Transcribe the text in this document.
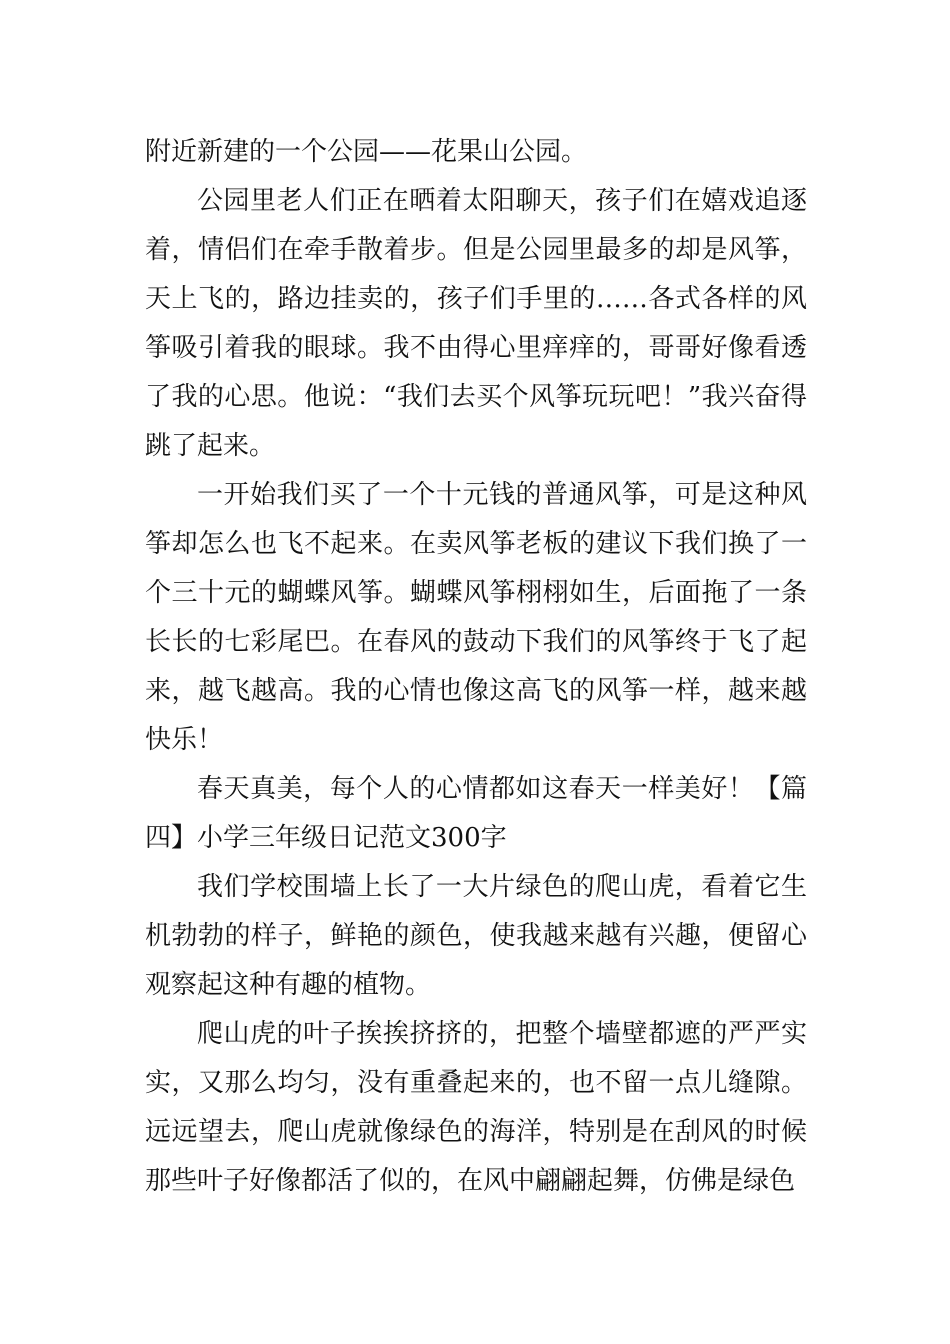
附近新建的一个公园——花果山公园。

公园里老人们正在晒着太阳聊天，孩子们在嬉戏追逐着，情侣们在牵手散着步。但是公园里最多的却是风筝，天上飞的，路边挂卖的，孩子们手里的……各式各样的风筝吸引着我的眼球。我不由得心里痒痒的，哥哥好像看透了我的心思。他说：“我们去买个风筝玩玩吧！”我兴奋得跳了起来。

一开始我们买了一个十元钱的普通风筝，可是这种风筝却怎么也飞不起来。在卖风筝老板的建议下我们换了一个三十元的蝴蝶风筝。蝴蝶风筝栩栩如生，后面拖了一条长长的七彩尾巴。在春风的鼓动下我们的风筝终于飞了起来，越飞越高。我的心情也像这高飞的风筝一样，越来越快乐！

春天真美，每个人的心情都如这春天一样美好！【篇四】小学三年级日记范文300字

我们学校围墙上长了一大片绿色的爬山虎，看着它生机勃勃的样子，鲜艳的颜色，使我越来越有兴趣，便留心观察起这种有趣的植物。

爬山虎的叶子挨挨挤挤的，把整个墙壁都遮的严严实实，又那么均匀，没有重叠起来的，也不留一点儿缝隙。远远望去，爬山虎就像绿色的海洋，特别是在刮风的时候那些叶子好像都活了似的，在风中翩翩起舞，仿佛是绿色
